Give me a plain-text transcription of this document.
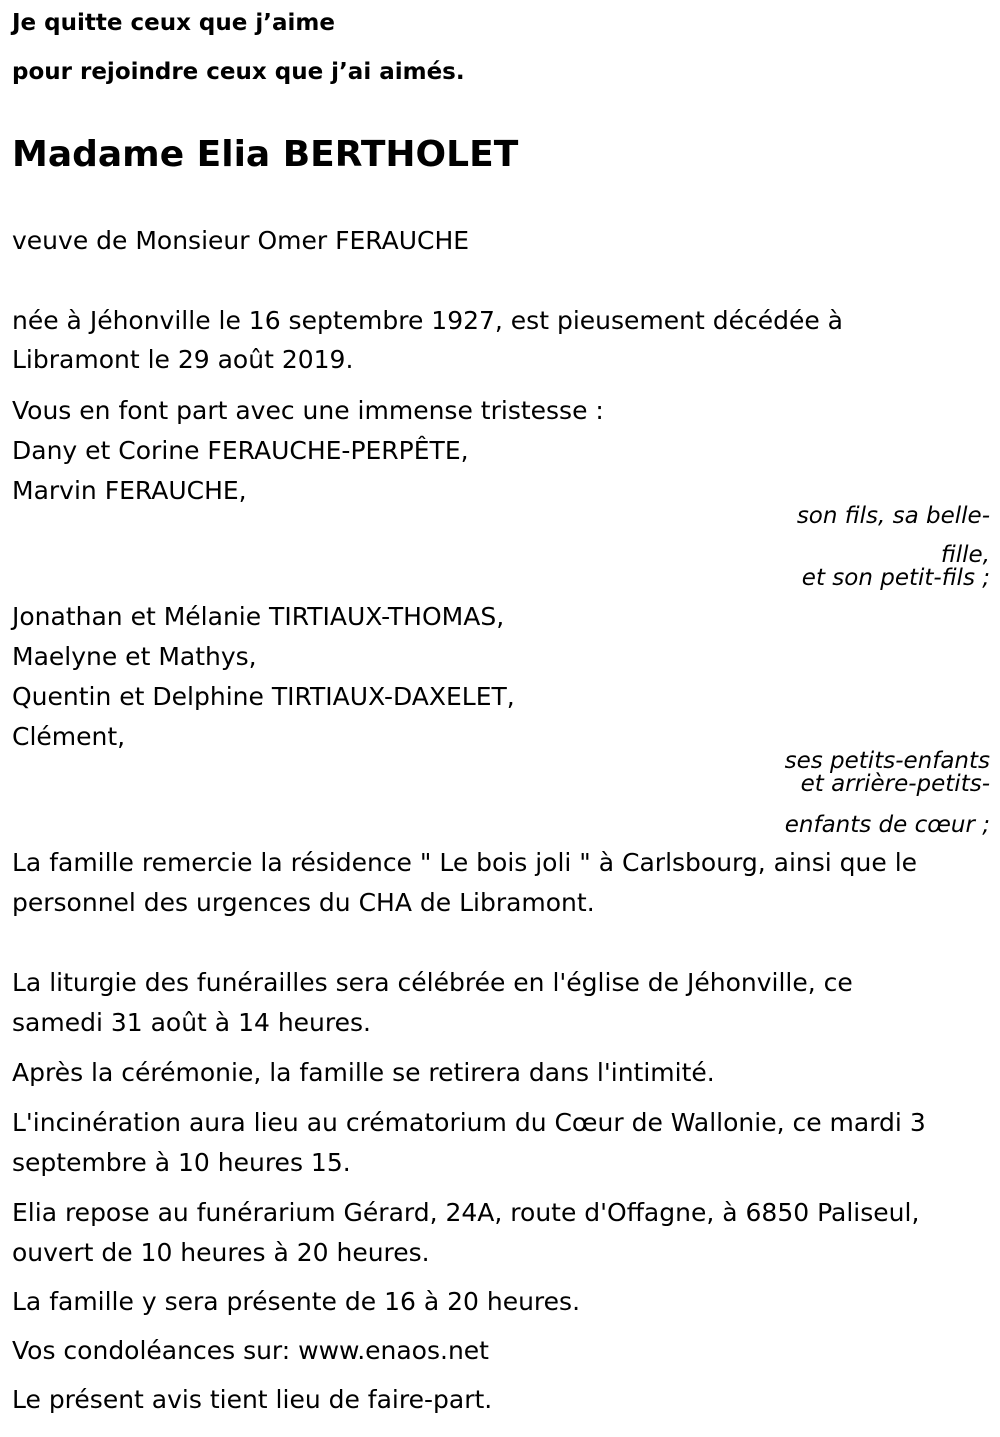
Je quitte ceux que j’aime
pour rejoindre ceux que j’ai aimés.
Madame Elia BERTHOLET
veuve de Monsieur Omer FERAUCHE
née à Jéhonville le 16 septembre 1927, est pieusement décédée à
Libramont le 29 août 2019.
Vous en font part avec une immense tristesse :
Dany et Corine FERAUCHE-PERPÊTE,
Marvin FERAUCHE,
son fils, sa belle-
fille,
et son petit-fils ;
Jonathan et Mélanie TIRTIAUX-THOMAS,
Maelyne et Mathys,
Quentin et Delphine TIRTIAUX-DAXELET,
Clément,
ses petits-enfants
et arrière-petits-
enfants de cœur ;
La famille remercie la résidence " Le bois joli " à Carlsbourg, ainsi que le
personnel des urgences du CHA de Libramont.
La liturgie des funérailles sera célébrée en l'église de Jéhonville, ce
samedi 31 août à 14 heures.
Après la cérémonie, la famille se retirera dans l'intimité.
L'incinération aura lieu au crématorium du Cœur de Wallonie, ce mardi 3
septembre à 10 heures 15.
Elia repose au funérarium Gérard, 24A, route d'Offagne, à 6850 Paliseul,
ouvert de 10 heures à 20 heures.
La famille y sera présente de 16 à 20 heures.
Vos condoléances sur: www.enaos.net
Le présent avis tient lieu de faire-part.
